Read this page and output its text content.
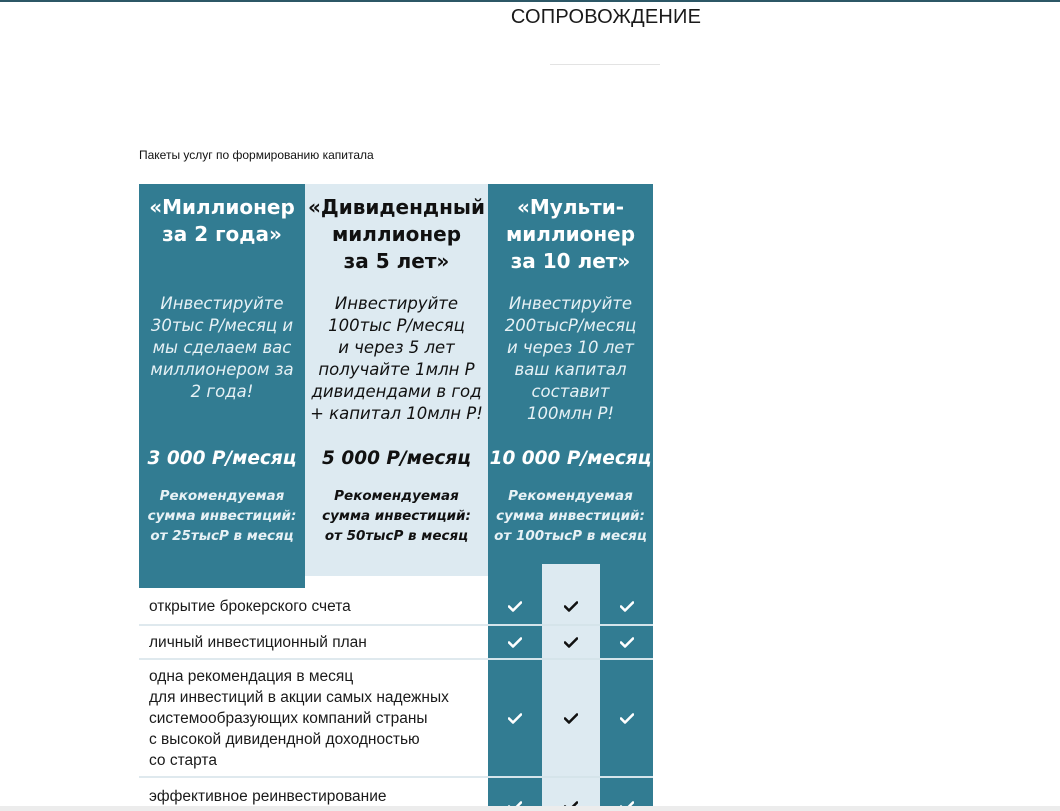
СОПРОВОЖДЕНИЕ
Пакеты услуг по формированию капитала
«Миллионер
за 2 года»
Инвестируйте
30тыс Р/месяц и
мы сделаем вас
миллионером за
2 года!
3 000 Р/месяц
Рекомендуемая
сумма инвестиций:
от 25тысР в месяц
«Дивидендный
миллионер
за 5 лет»
Инвестируйте
100тыс Р/месяц
и через 5 лет
получайте 1млн Р
дивидендами в год
+ капитал 10млн Р!
5 000 Р/месяц
Рекомендуемая
сумма инвестиций:
от 50тысР в месяц
«Мульти-
миллионер
за 10 лет»
Инвестируйте
200тысР/месяц
и через 10 лет
ваш капитал
составит
100млн Р!
10 000 Р/месяц
Рекомендуемая
сумма инвестиций:
от 100тысР в месяц
открытие брокерского счета
личный инвестиционный план
одна рекомендация в месяц
для инвестиций в акции самых надежных
системообразующих компаний страны
с высокой дивидендной доходностью
со старта
эффективное реинвестирование
